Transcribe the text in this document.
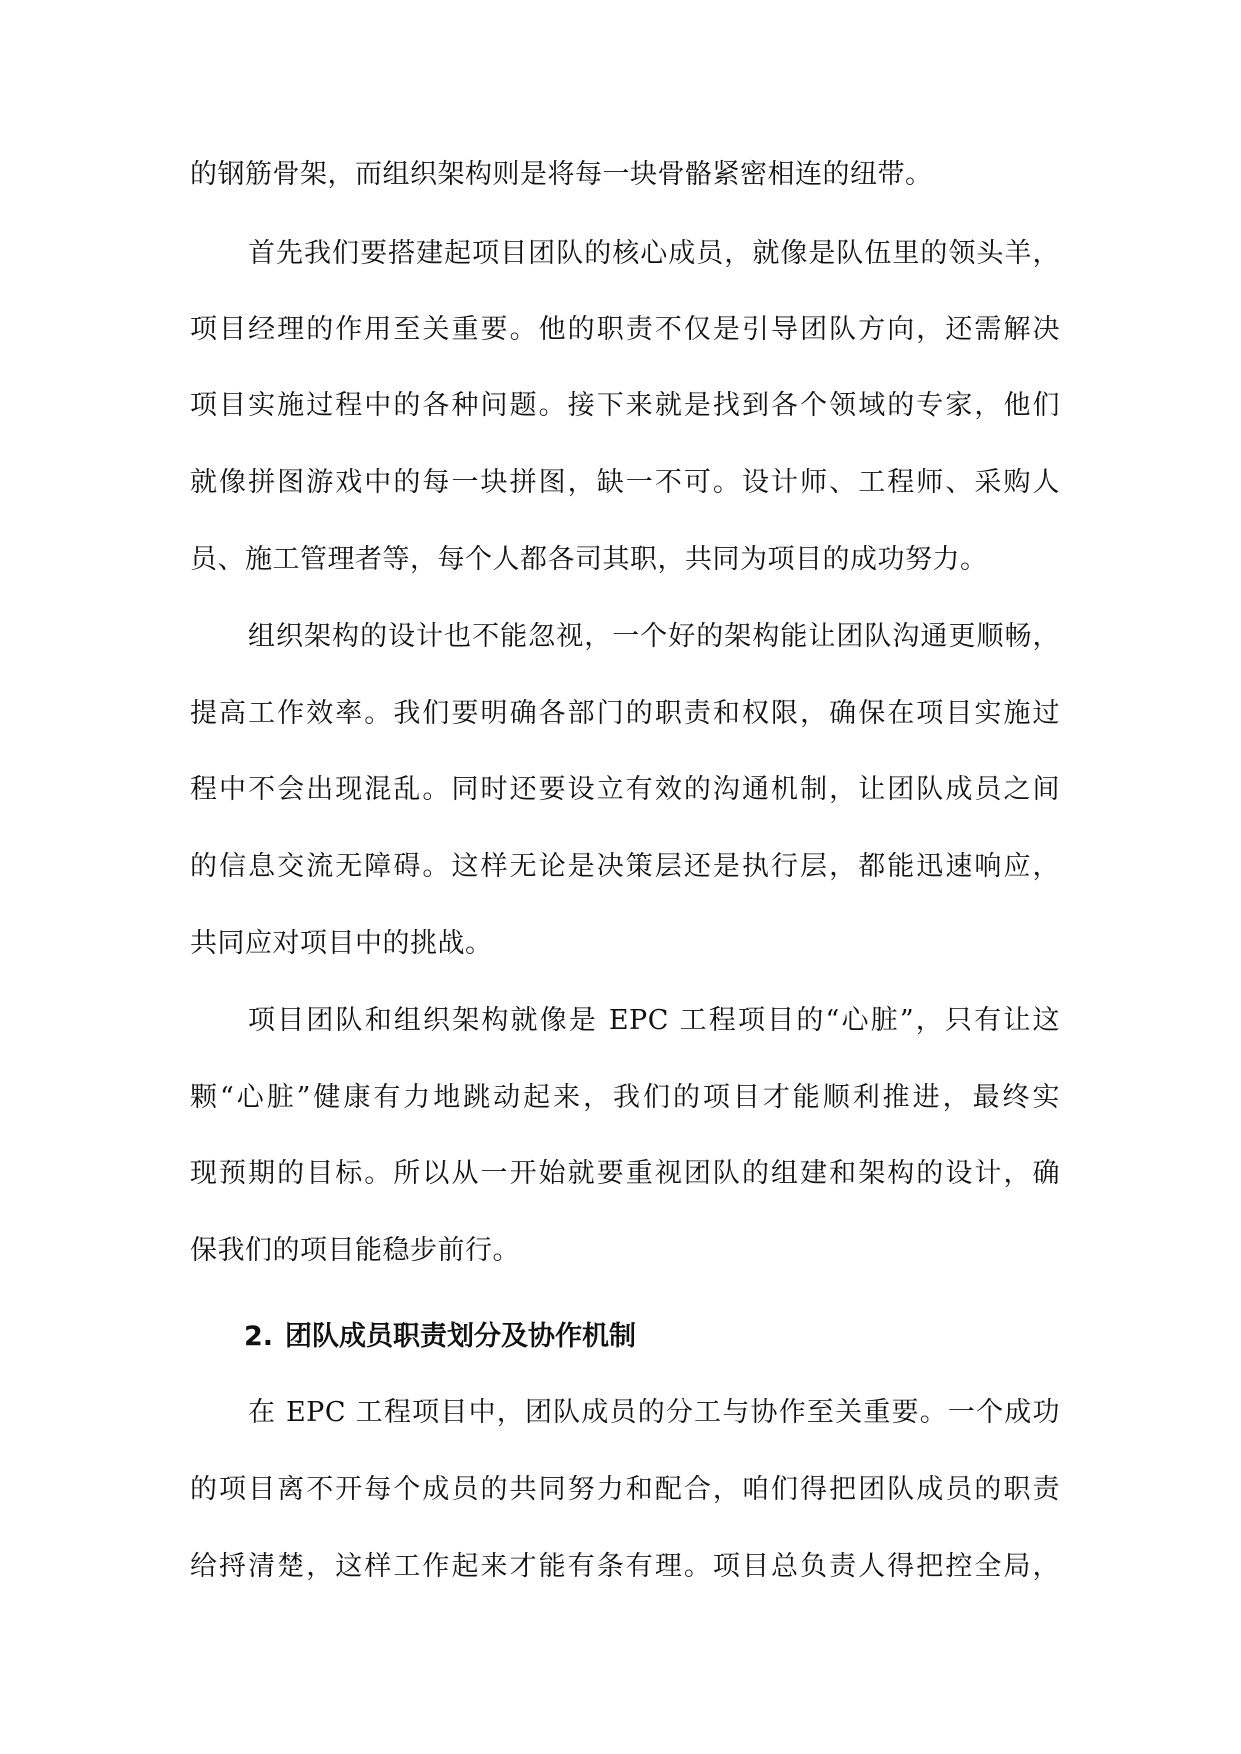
的钢筋骨架，而组织架构则是将每一块骨骼紧密相连的纽带。
首先我们要搭建起项目团队的核心成员，就像是队伍里的领头羊，
项目经理的作用至关重要。他的职责不仅是引导团队方向，还需解决
项目实施过程中的各种问题。接下来就是找到各个领域的专家，他们
就像拼图游戏中的每一块拼图，缺一不可。设计师、工程师、采购人
员、施工管理者等，每个人都各司其职，共同为项目的成功努力。
组织架构的设计也不能忽视，一个好的架构能让团队沟通更顺畅，
提高工作效率。我们要明确各部门的职责和权限，确保在项目实施过
程中不会出现混乱。同时还要设立有效的沟通机制，让团队成员之间
的信息交流无障碍。这样无论是决策层还是执行层，都能迅速响应，
共同应对项目中的挑战。
项目团队和组织架构就像是 EPC 工程项目的“心脏”，只有让这
颗“心脏”健康有力地跳动起来，我们的项目才能顺利推进，最终实
现预期的目标。所以从一开始就要重视团队的组建和架构的设计，确
保我们的项目能稳步前行。
2. 团队成员职责划分及协作机制
在 EPC 工程项目中，团队成员的分工与协作至关重要。一个成功
的项目离不开每个成员的共同努力和配合，咱们得把团队成员的职责
给捋清楚，这样工作起来才能有条有理。项目总负责人得把控全局，
